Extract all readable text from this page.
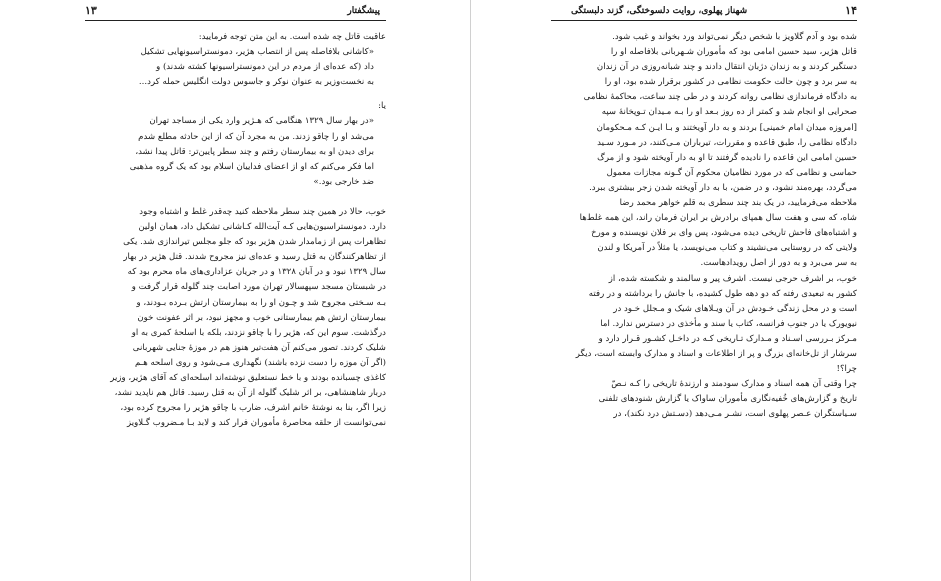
۱۳	پیشگفتار
عاقبت قاتل چه شده است. به این متن توجه فرمایید:
«کاشانی بلافاصله پس از انتصاب هژیر، دمونستراسیونهایی تشکیل
داد (که عده‌ای از مردم در این دمونستراسیونها کشته شدند) و
به نخست‌وزیر به عنوان نوکر و جاسوس دولت انگلیس حمله کرد...
یا:
«در بهار سال ۱۳۲۹ هنگامی که هـژیر وارد یکی از مساجد تهران
می‌شد او را چاقو زدند. من به مجرد آن که از این حادثه مطلع شدم
برای دیدن او به بیمارستان رفتم و چند سطر پایین‌تر: قاتل پیدا نشد،
اما فکر می‌کنم که او از اعضای فداییان اسلام بود که یک گروه مذهبی
ضد خارجی بود.»
خوب، حالا در همین چند سطر ملاحظه کنید چه‌قدر غلط و اشتباه وجود
دارد. دمونستراسیون‌هایی کـه آیت‌الله کـاشانی تشکیل داد، همان اولین
تظاهرات پس از زمامدار شدن هژیر بود که جلو مجلس تیراندازی شد. یکی
از تظاهرکنندگان به قتل رسید و عده‌ای نیز مجروح شدند. قتل هژیر در بهار
سال ۱۳۲۹ نبود و در آبان ۱۳۲۸ و در جریان عزاداری‌های ماه محرم بود که
در شبستان مسجد سپهسالار تهران مورد اصابت چند گلوله قرار گرفت و
بـه سـختی مجروح شد و چـون او را به بیمارستان ارتش بـرده بـودند، و
بیمارستان ارتش هم بیمارستانی خوب و مجهز نبود، بر اثر عفونت خون
درگذشت. سوم این که، هژیر را با چاقو نزدند، بلکه با اسلحهٔ کمری به او
شلیک کردند. تصور می‌کنم آن هفت‌تیر هنوز هم در موزهٔ جنایی شهربانی
(اگر آن موزه را دست نزده باشند) نگهداری مـی‌شود و روی اسلحه هـم
کاغذی چسبانده بودند و با خط نستعلیق نوشته‌اند اسلحه‌ای که آقای هژیر، وزیر
دربار شاهنشاهی، بر اثر شلیک گلوله از آن به قتل رسید. قاتل هم ناپدید نشد،
زیرا اگر، بنا به نوشتهٔ خانم اشرف، ضارب با چاقو هژیر را مجروح کرده بود،
نمی‌توانست از حلقه محاصرهٔ مأموران فرار کند و لابد بـا مـضروب گـلاویز
۱۴
شهناز پهلوی، روایت دلسوختگی، گزند دلبستگی
شده بود و آدم گلاویز با شخص دیگر نمی‌تواند ورد بخواند و غیب شود.
قاتل هژیر، سید حسین امامی بود که مأموران شـهربانی بلافاصله او را
دستگیر کردند و به زندان دژبان انتقال دادند و چند شبانه‌روزی در آن زندان
به سر برد و چون حالت حکومت نظامی در کشور برقرار شده بود، او را
به دادگاه فرماندازی نظامی روانه کردند و در طی چند ساعت، محاکمهٔ نظامی
صحرایی او انجام شد و کمتر از ده روز بـعد او را بـه مـیدان تـوپخانهٔ سپه
[امروزه میدان امام خمینی] بردند و به دار آویختند و بـا ایـن کـه مـحکومان
دادگاه نظامی را، طبق قاعده و مقررات، تیرباران مـی‌کنند، در مـورد سـید
حسین امامی این قاعده را نادیده گرفتند تا او به دار آویخته شود و از مرگ
حماسی و نظامی که در مورد نظامیان محکوم آن گـونه مجازات معمول
می‌گردد، بهره‌مند نشود، و در ضمن، با به دار آویخته شدن زجر بیشتری ببرد.
ملاحظه می‌فرمایید، در یک بند چند سطری به قلم خواهر محمد رضا
شاه، که سی و هفت سال همپای برادرش بر ایران فرمان راند، این همه غلط‌ها
و اشتباه‌های فاحش تاریخی دیده می‌شود، پس وای بر فلان نویسنده و مورخ
ولایتی که در روستایی می‌نشیند و کتاب می‌نویسد، یا مثلاً در آمریکا و لندن
به سر می‌برد و به دور از اصل رویدادهاست.
خوب، بر اشرف حرجی نیست. اشرف پیر و سالمند و شکسته شده، از
کشور به تبعیدی رفته که دو دهه طول کشیده، با جانش را برداشته و در رفته
است و در محل زندگی خـودش در آن ویـلاهای شیک و مـجلل خـود در
نیویورک یا در جنوب فرانسه، کتاب یا سند و مأخذی در دسترس ندارد. اما
مـرکز بـررسی اسـناد و مـدارک تـاریخی کـه در داخـل کشـور قـرار دارد و
سرشار از تل‌خانه‌ای بزرگ و پر از اطلاعات و اسناد و مدارک وابسته است، دیگر
چرا؟!
چرا وقتی آن همه اسناد و مدارک سودمند و ارزندهٔ تاریخی را کـه نـصّ
تاریخ و گزارش‌های خُفیه‌نگاری مأموران ساواک یا گزارش شنودهای تلفنی
سـیاستگران عـصر پهلوی است، نشـر مـی‌دهد (دسـتش درد نکند)، در
